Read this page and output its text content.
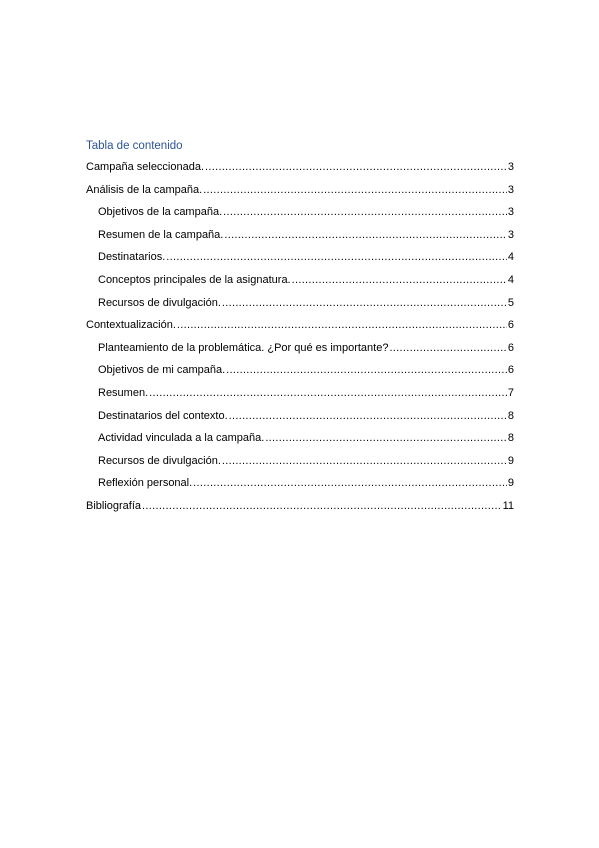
Tabla de contenido
Campaña seleccionada. .....	3
Análisis de la campaña. .....	3
Objetivos de la campaña. .....	3
Resumen de la campaña. .....	3
Destinatarios. .....	4
Conceptos principales de la asignatura. .....	4
Recursos de divulgación. .....	5
Contextualización. .....	6
Planteamiento de la problemática. ¿Por qué es importante? .....	6
Objetivos de mi campaña. .....	6
Resumen. .....	7
Destinatarios del contexto. .....	8
Actividad vinculada a la campaña. .....	8
Recursos de divulgación. .....	9
Reflexión personal. .....	9
Bibliografía .....	11
